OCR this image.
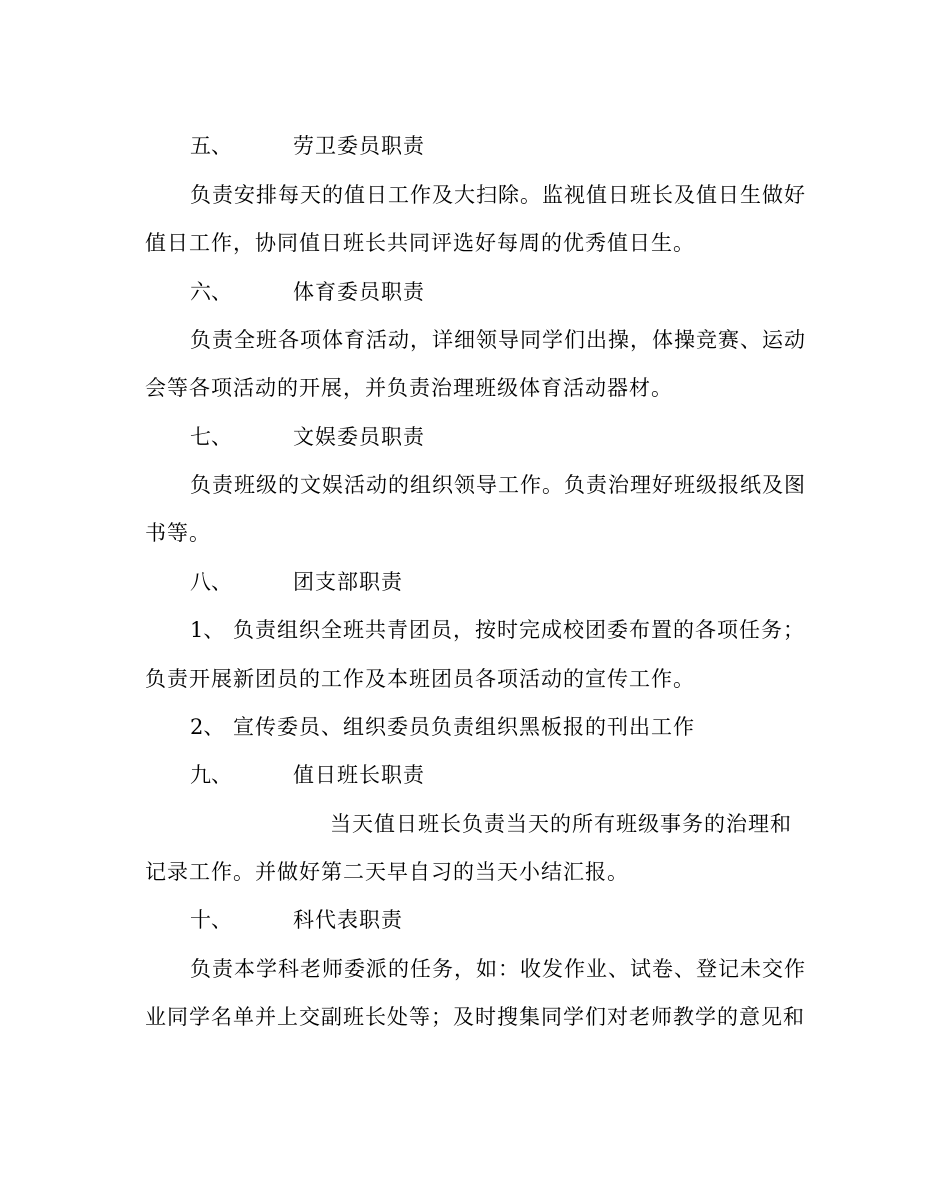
五、	劳卫委员职责
负责安排每天的值日工作及大扫除。监视值日班长及值日生做好
值日工作，协同值日班长共同评选好每周的优秀值日生。
六、	体育委员职责
负责全班各项体育活动，详细领导同学们出操，体操竞赛、运动
会等各项活动的开展，并负责治理班级体育活动器材。
七、	文娱委员职责
负责班级的文娱活动的组织领导工作。负责治理好班级报纸及图
书等。
八、	团支部职责
1、 负责组织全班共青团员，按时完成校团委布置的各项任务；
负责开展新团员的工作及本班团员各项活动的宣传工作。
2、 宣传委员、组织委员负责组织黑板报的刊出工作
九、	值日班长职责
当天值日班长负责当天的所有班级事务的治理和
记录工作。并做好第二天早自习的当天小结汇报。
十、	科代表职责
负责本学科老师委派的任务，如：收发作业、试卷、登记未交作
业同学名单并上交副班长处等；及时搜集同学们对老师教学的意见和
